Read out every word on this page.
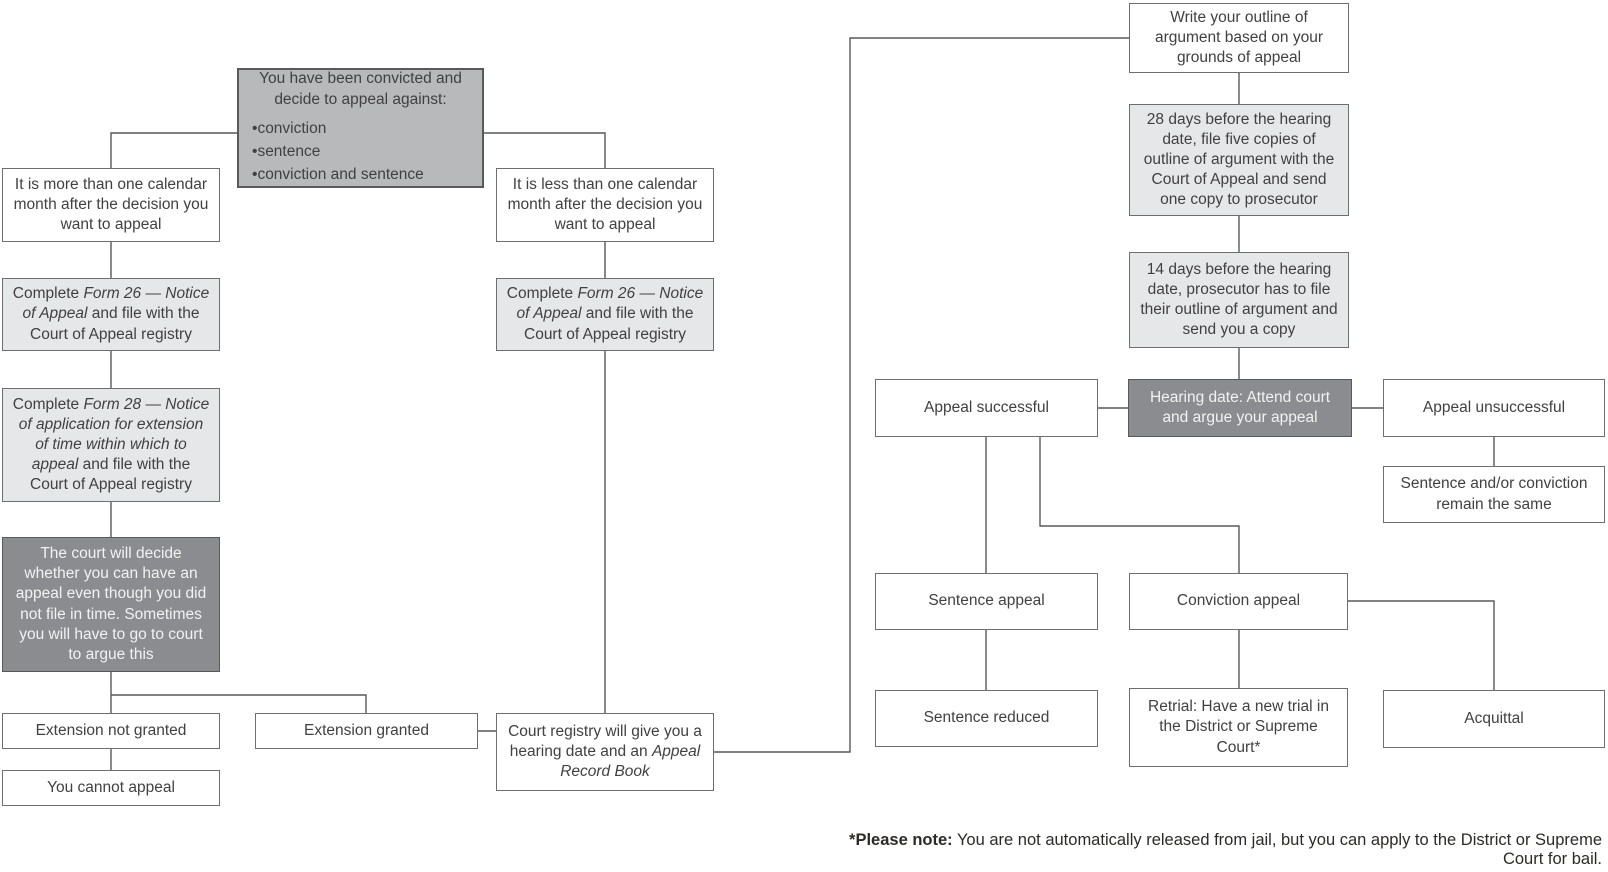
You have been convicted and decide to appeal against:
• conviction
• sentence
• conviction and sentence
It is more than one calendar month after the decision you want to appeal
Complete Form 26 — Notice of Appeal and file with the Court of Appeal registry
Complete Form 28 — Notice of application for extension of time within which to appeal and file with the Court of Appeal registry
The court will decide whether you can have an appeal even though you did not file in time. Sometimes you will have to go to court to argue this
Extension not granted
You cannot appeal
Extension granted
It is less than one calendar month after the decision you want to appeal
Complete Form 26 — Notice of Appeal and file with the Court of Appeal registry
Court registry will give you a hearing date and an Appeal Record Book
Write your outline of argument based on your grounds of appeal
28 days before the hearing date, file five copies of outline of argument with the Court of Appeal and send one copy to prosecutor
14 days before the hearing date, prosecutor has to file their outline of argument and send you a copy
Hearing date: Attend court and argue your appeal
Appeal successful	Appeal unsuccessful
Sentence and/or conviction remain the same
Sentence appeal	Conviction appeal
Sentence reduced
Retrial: Have a new trial in the District or Supreme Court*
Acquittal
*Please note: You are not automatically released from jail, but you can apply to the District or Supreme Court for bail.
